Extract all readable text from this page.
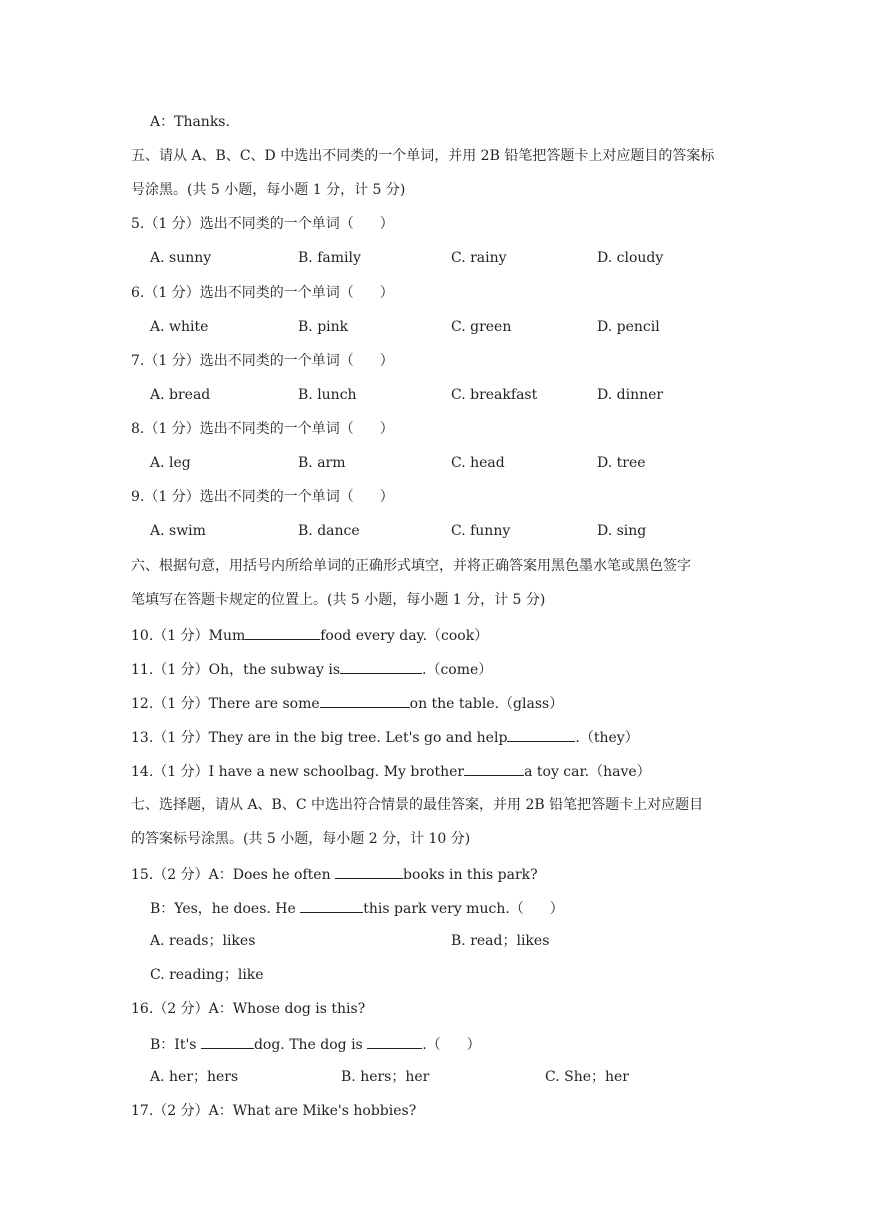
A：Thanks.
五、请从 A、B、C、D 中选出不同类的一个单词，并用 2B 铅笔把答题卡上对应题目的答案标
号涂黑。(共 5 小题，每小题 1 分，计 5 分)
5.（1 分）选出不同类的一个单词（ ）
A. sunny	B. family	C. rainy	D. cloudy
6.（1 分）选出不同类的一个单词（ ）
A. white	B. pink	C. green	D. pencil
7.（1 分）选出不同类的一个单词（ ）
A. bread	B. lunch	C. breakfast	D. dinner
8.（1 分）选出不同类的一个单词（ ）
A. leg	B. arm	C. head	D. tree
9.（1 分）选出不同类的一个单词（ ）
A. swim	B. dance	C. funny	D. sing
六、根据句意，用括号内所给单词的正确形式填空，并将正确答案用黑色墨水笔或黑色签字
笔填写在答题卡规定的位置上。(共 5 小题，每小题 1 分，计 5 分)
10.（1 分）Mum	food every day.（cook）
11.（1 分）Oh，the subway is	.（come）
12.（1 分）There are some	on the table.（glass）
13.（1 分）They are in the big tree. Let's go and help	.（they）
14.（1 分）I have a new schoolbag. My brother	a toy car.（have）
七、选择题，请从 A、B、C 中选出符合情景的最佳答案，并用 2B 铅笔把答题卡上对应题目
的答案标号涂黑。(共 5 小题，每小题 2 分，计 10 分)
15.（2 分）A：Does he often	books in this park?
B：Yes，he does. He	this park very much.（ ）
A. reads；likes	B. read；likes
C. reading；like
16.（2 分）A：Whose dog is this?
B：It's	dog. The dog is	.（ ）
A. her；hers	B. hers；her	C. She；her
17.（2 分）A：What are Mike's hobbies?
